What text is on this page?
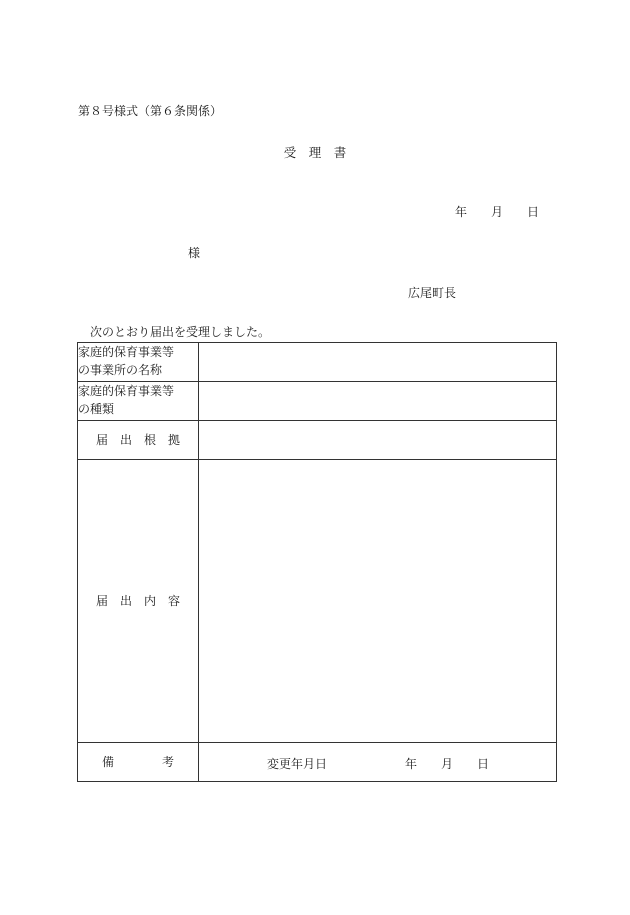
第８号様式（第６条関係）
受　理　書
年　　月　　日
様
広尾町長
次のとおり届出を受理しました。
家庭的保育事業等
の事業所の名称	

家庭的保育事業等
の種類	

届　出　根　拠	
届　出　内　容	
備　　　　考	変更年月日 年　　月　　日
